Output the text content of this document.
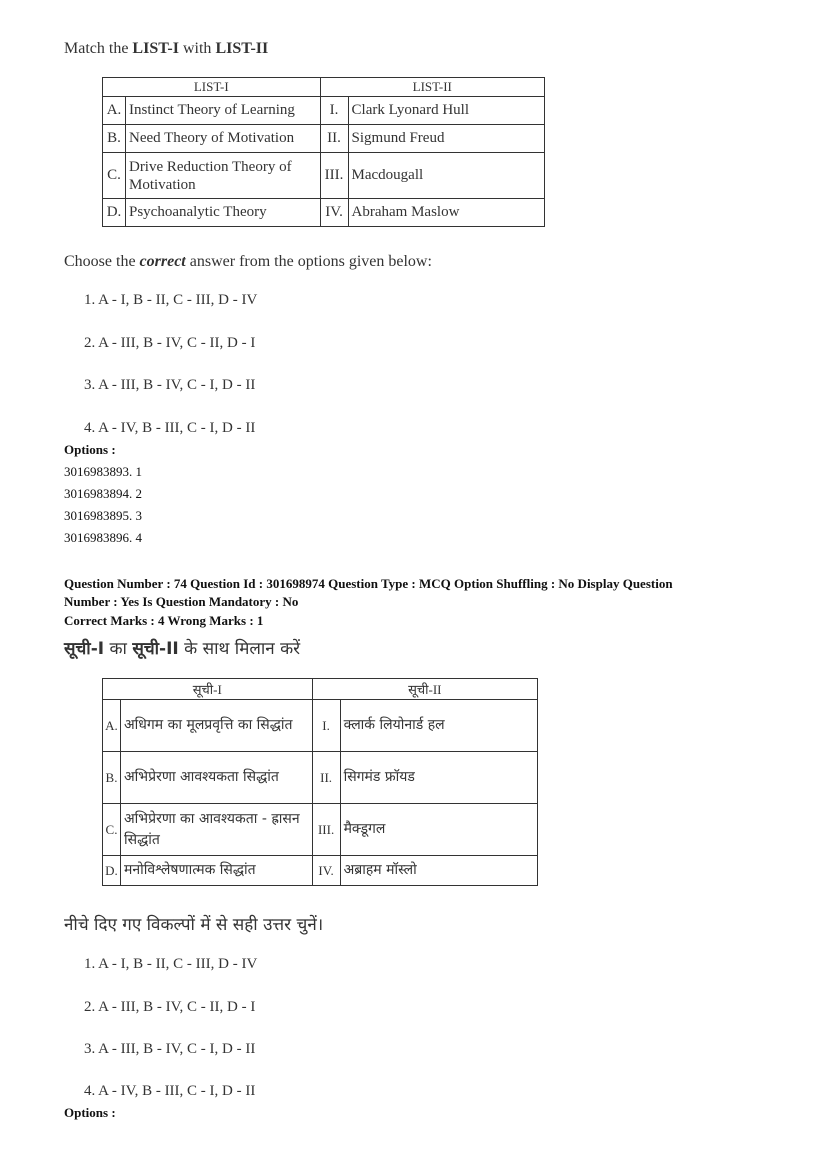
Match the LIST-I with LIST-II
LIST-I		LIST-II	
A.	Instinct Theory of Learning	I.	Clark Lyonard Hull
B.	Need Theory of Motivation	II.	Sigmund Freud
C.	Drive Reduction Theory of Motivation	III.	Macdougall
D.	Psychoanalytic Theory	IV.	Abraham Maslow
Choose the correct answer from the options given below:
1. A - I, B - II, C - III, D - IV
2. A - III, B - IV, C - II, D - I
3. A - III, B - IV, C - I, D - II
4. A - IV, B - III, C - I, D - II
Options :
3016983893. 1
3016983894. 2
3016983895. 3
3016983896. 4
Question Number : 74 Question Id : 301698974 Question Type : MCQ Option Shuffling : No Display Question
Number : Yes Is Question Mandatory : No
Correct Marks : 4 Wrong Marks : 1
सूची-I का सूची-II के साथ मिलान करें
सूची-I		सूची-II	
A.	अधिगम का मूलप्रवृत्ति का सिद्धांत	I.	क्लार्क लियोनार्ड हल
B.	अभिप्रेरणा आवश्यकता सिद्धांत	II.	सिगमंड फ्रॉयड
C.	अभिप्रेरणा का आवश्यकता - ह्रासन सिद्धांत	III.	मैक्डूगल
D.	मनोविश्लेषणात्मक सिद्धांत	IV.	अब्राहम मॉस्लो
नीचे दिए गए विकल्पों में से सही उत्तर चुनें।
1. A - I, B - II, C - III, D - IV
2. A - III, B - IV, C - II, D - I
3. A - III, B - IV, C - I, D - II
4. A - IV, B - III, C - I, D - II
Options :
